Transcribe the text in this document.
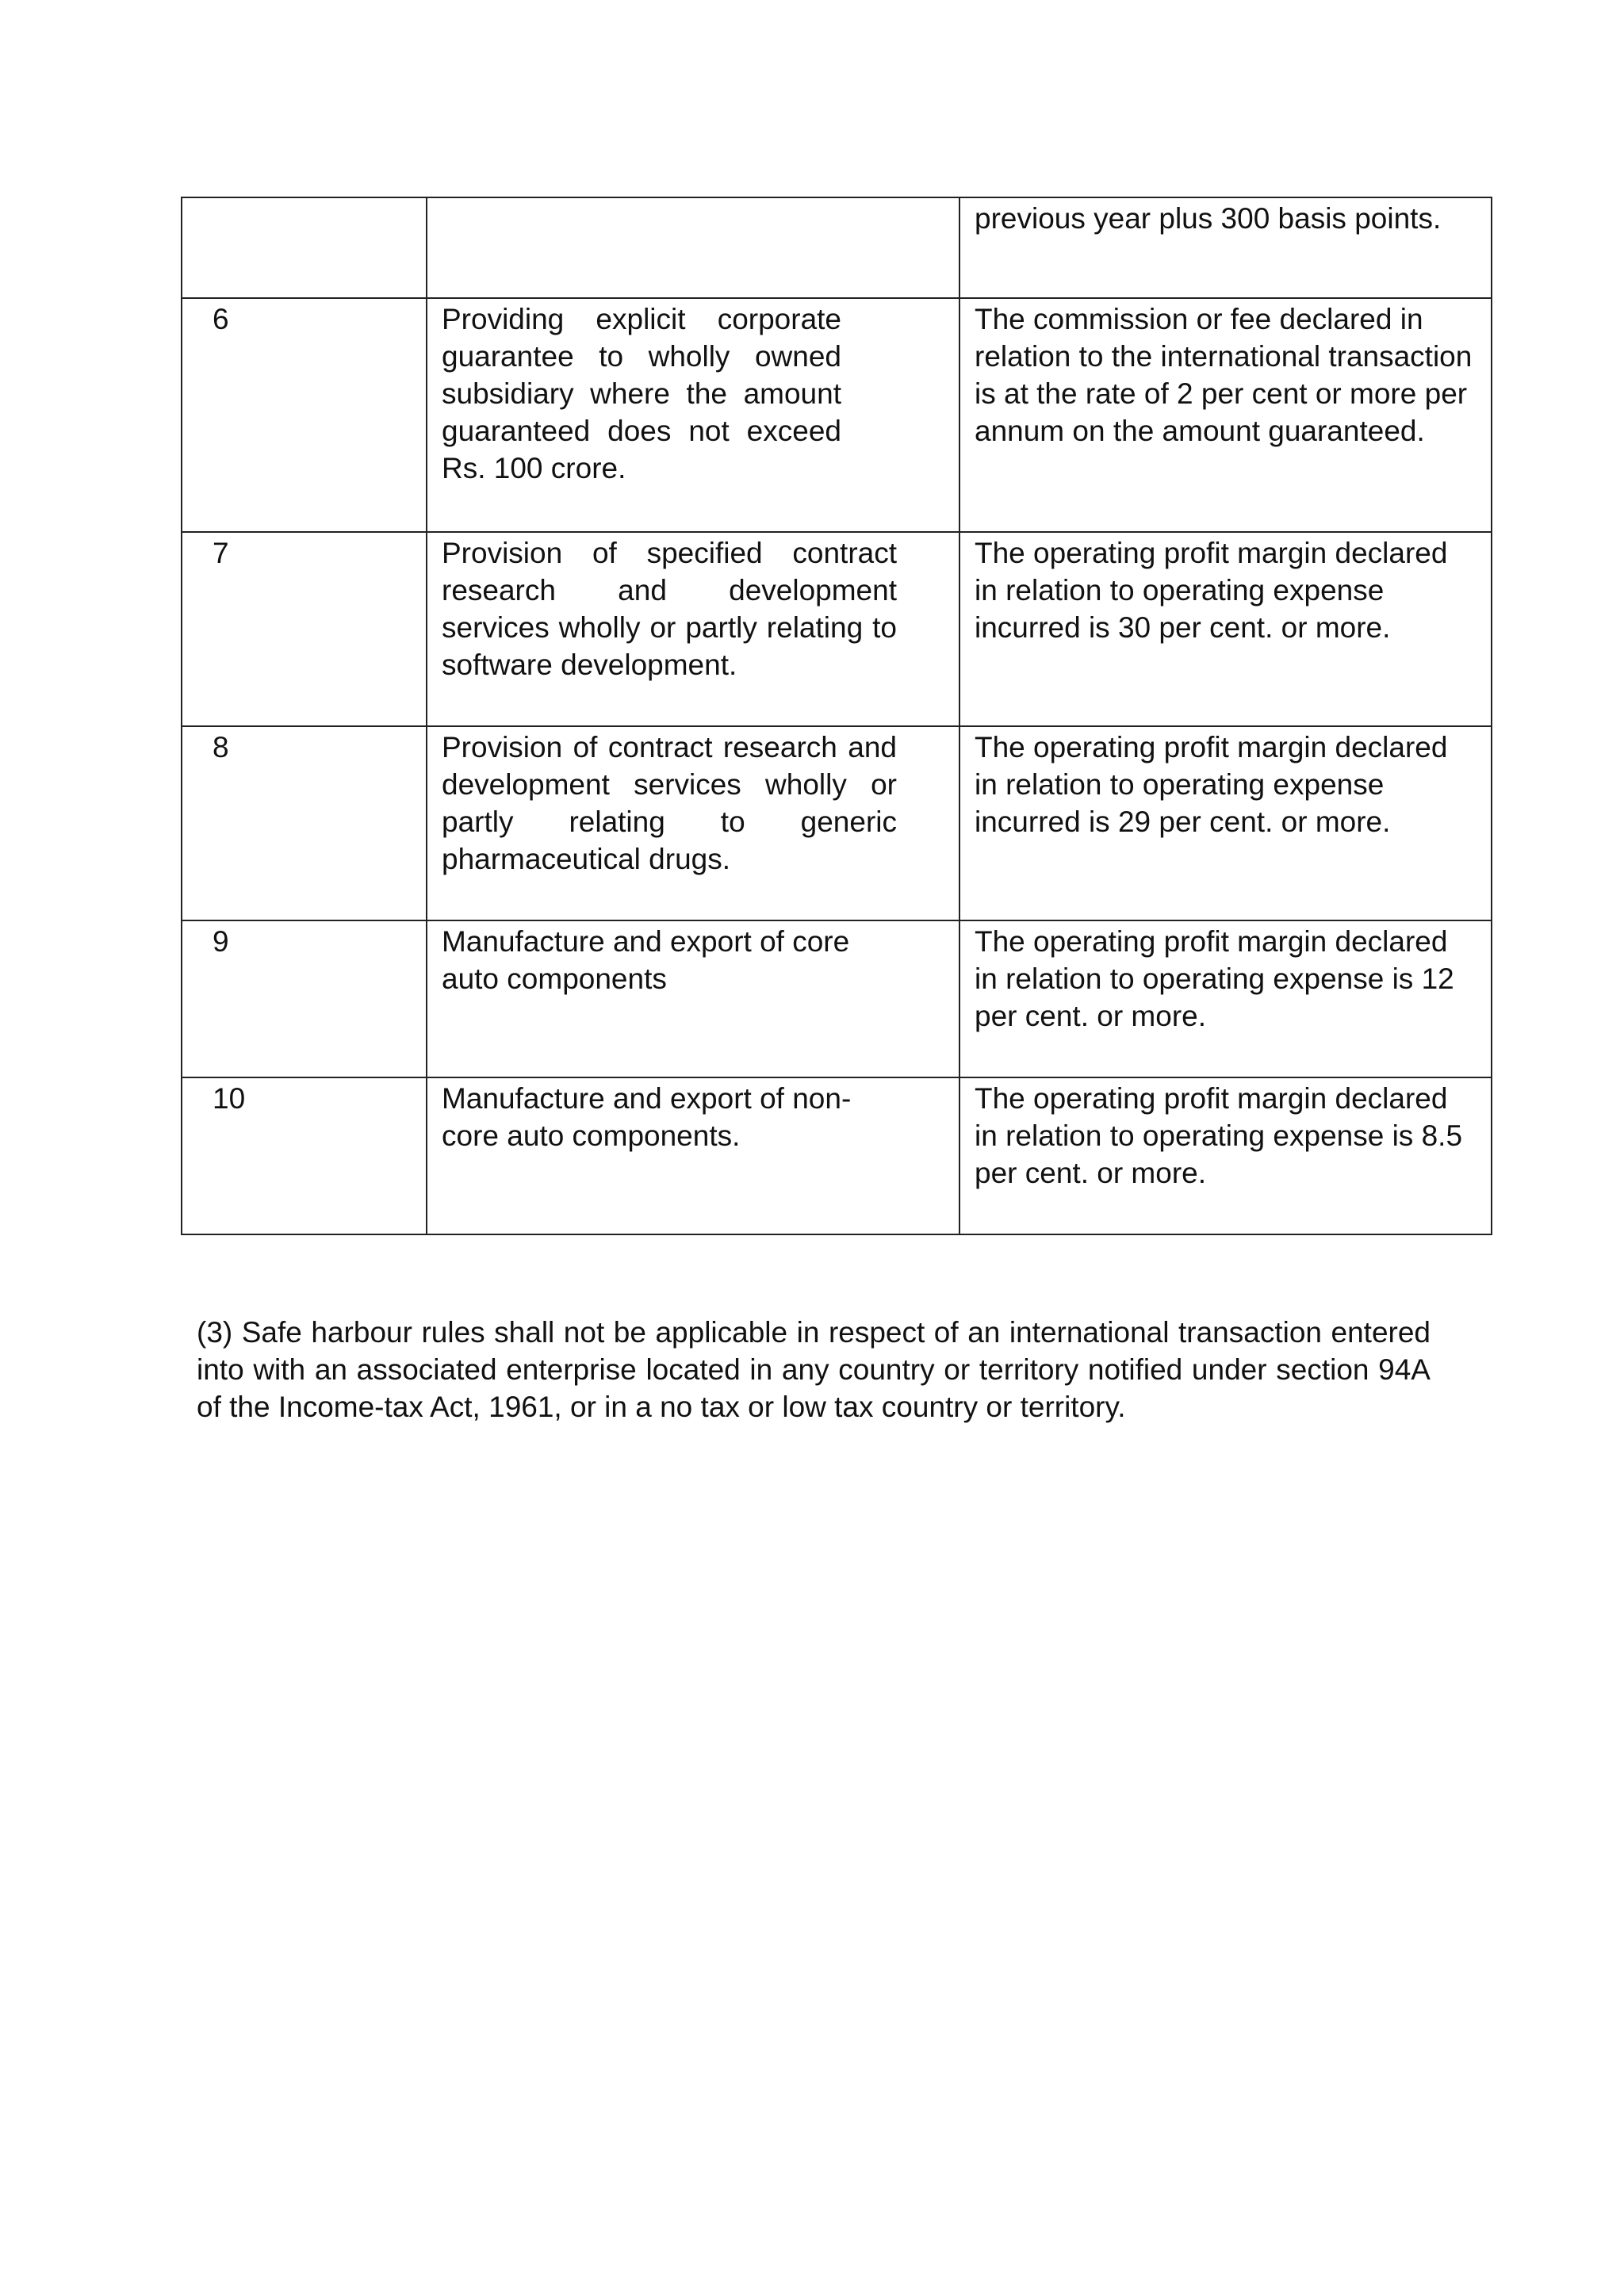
		previous year plus 300 basis points.

6	Providing explicit corporate guarantee to wholly owned subsidiary where the amount guaranteed does not exceed Rs. 100 crore.	The commission or fee declared in relation to the international transaction is at the rate of 2 per cent or more per annum on the amount guaranteed.

7	Provision of specified contract research and development services wholly or partly relating to software development.	The operating profit margin declared in relation to operating expense incurred is 30 per cent. or more.

8	Provision of contract research and development services wholly or partly relating to generic pharmaceutical drugs.	The operating profit margin declared in relation to operating expense incurred is 29 per cent. or more.

9	Manufacture and export of core auto components	The operating profit margin declared in relation to operating expense is 12 per cent. or more.

10	Manufacture and export of non- core auto components.	The operating profit margin declared in relation to operating expense is 8.5 per cent. or more.

(3) Safe harbour rules shall not be applicable in respect of an international transaction entered into with an associated enterprise located in any country or territory notified under section 94A of the Income-tax Act, 1961, or in a no tax or low tax country or territory.
